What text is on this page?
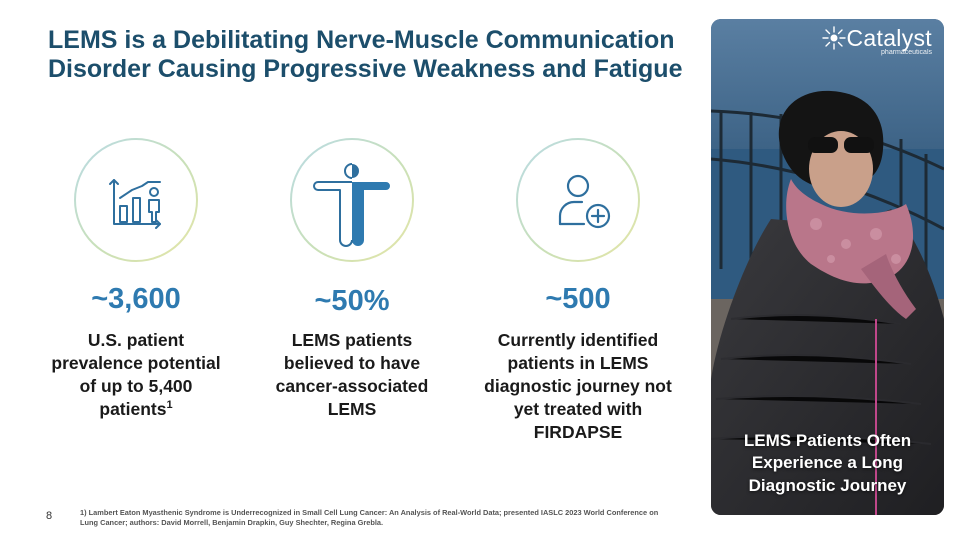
LEMS is a Debilitating Nerve-Muscle Communication
Disorder Causing Progressive Weakness and Fatigue
~3,600
U.S. patient
prevalence potential
of up to 5,400
patients$^1$
~50%
LEMS patients
believed to have
cancer-associated
LEMS
~500
Currently identified
patients in LEMS
diagnostic journey not
yet treated with
FIRDAPSE
Catalyst
pharmaceuticals
LEMS Patients Often
Experience a Long
Diagnostic Journey
8	1) Lambert Eaton Myasthenic Syndrome is Underrecognized in Small Cell Lung Cancer: An Analysis of Real-World Data; presented IASLC 2023 World Conference on
Lung Cancer; authors: David Morrell, Benjamin Drapkin, Guy Shechter, Regina Grebla.
